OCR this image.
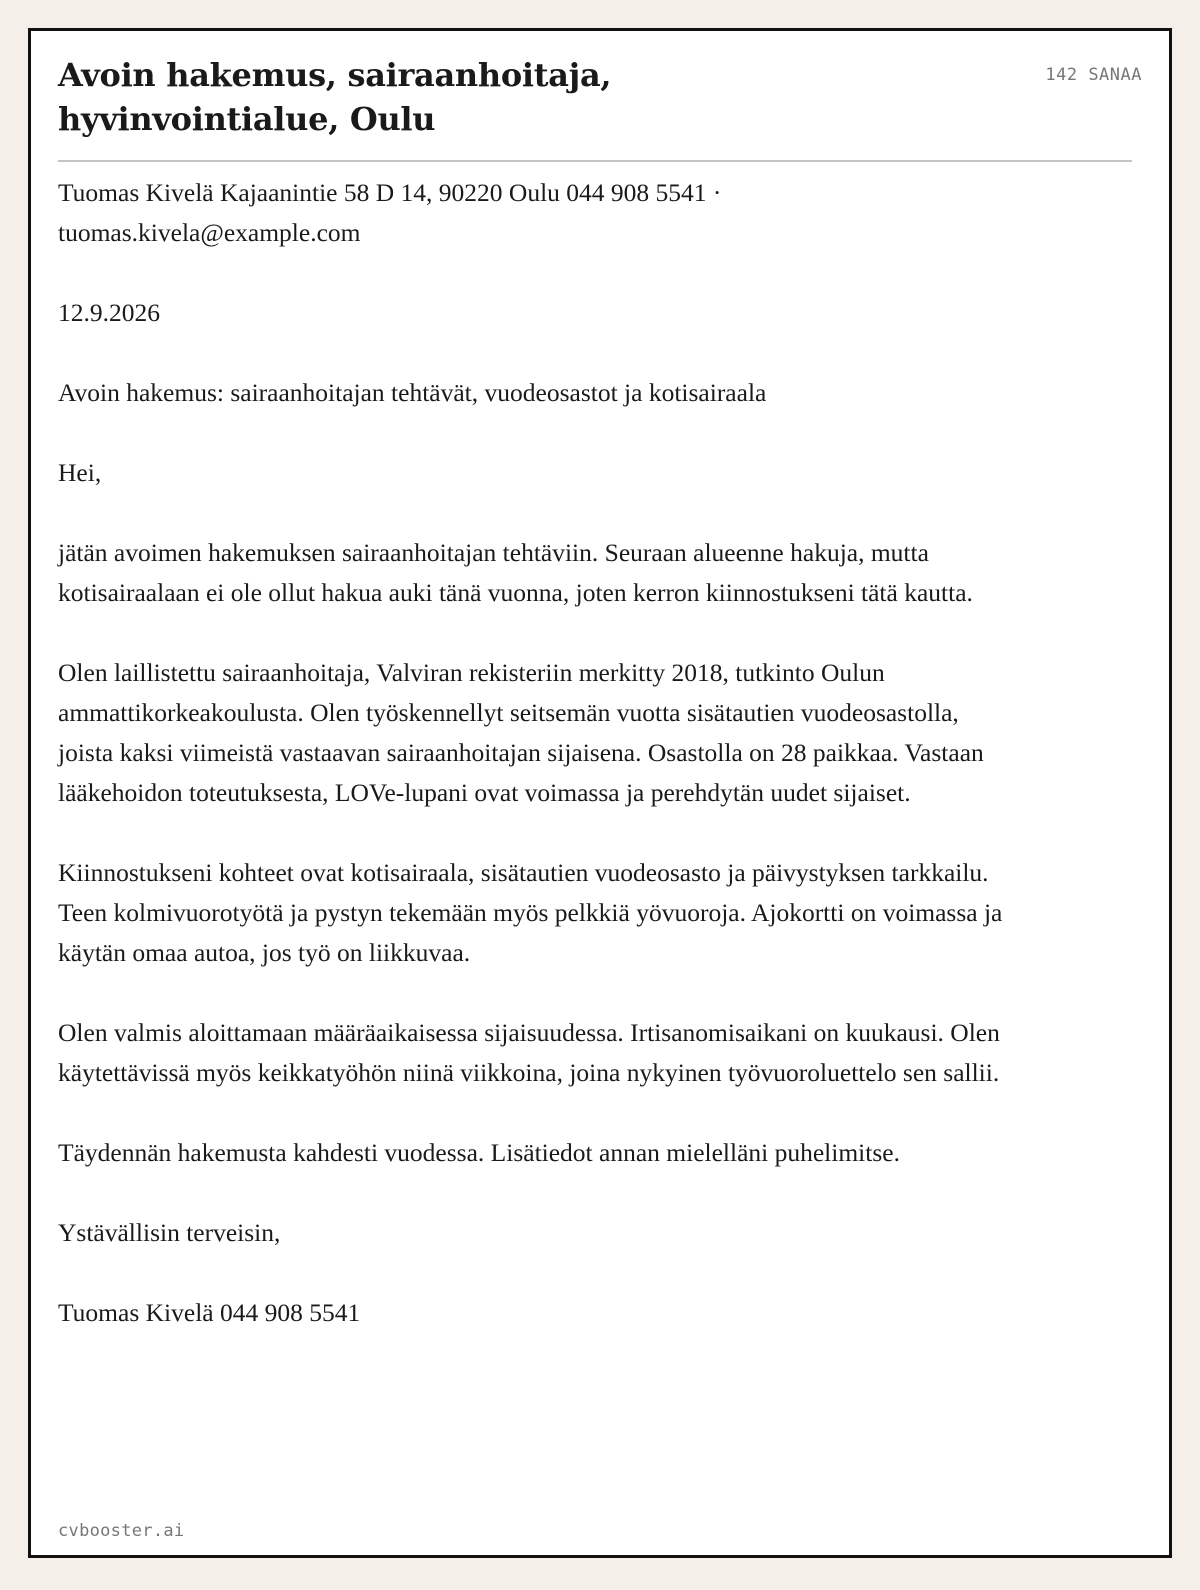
Avoin hakemus, sairaanhoitaja,
hyvinvointialue, Oulu
142 SANAA

Tuomas Kivelä Kajaanintie 58 D 14, 90220 Oulu 044 908 5541 · tuomas.kivela@example.com

12.9.2026

Avoin hakemus: sairaanhoitajan tehtävät, vuodeosastot ja kotisairaala

Hei,

jätän avoimen hakemuksen sairaanhoitajan tehtäviin. Seuraan alueenne hakuja, mutta kotisairaalaan ei ole ollut hakua auki tänä vuonna, joten kerron kiinnostukseni tätä kautta.

Olen laillistettu sairaanhoitaja, Valviran rekisteriin merkitty 2018, tutkinto Oulun ammattikorkeakoulusta. Olen työskennellyt seitsemän vuotta sisätautien vuodeosastolla, joista kaksi viimeistä vastaavan sairaanhoitajan sijaisena. Osastolla on 28 paikkaa. Vastaan lääkehoidon toteutuksesta, LOVe-lupani ovat voimassa ja perehdytän uudet sijaiset.

Kiinnostukseni kohteet ovat kotisairaala, sisätautien vuodeosasto ja päivystyksen tarkkailu. Teen kolmivuorotyötä ja pystyn tekemään myös pelkkiä yövuoroja. Ajokortti on voimassa ja käytän omaa autoa, jos työ on liikkuvaa.

Olen valmis aloittamaan määräaikaisessa sijaisuudessa. Irtisanomisaikani on kuukausi. Olen käytettävissä myös keikkatyöhön niinä viikkoina, joina nykyinen työvuoroluettelo sen sallii.

Täydennän hakemusta kahdesti vuodessa. Lisätiedot annan mielelläni puhelimitse.

Ystävällisin terveisin,

Tuomas Kivelä 044 908 5541

cvbooster.ai
